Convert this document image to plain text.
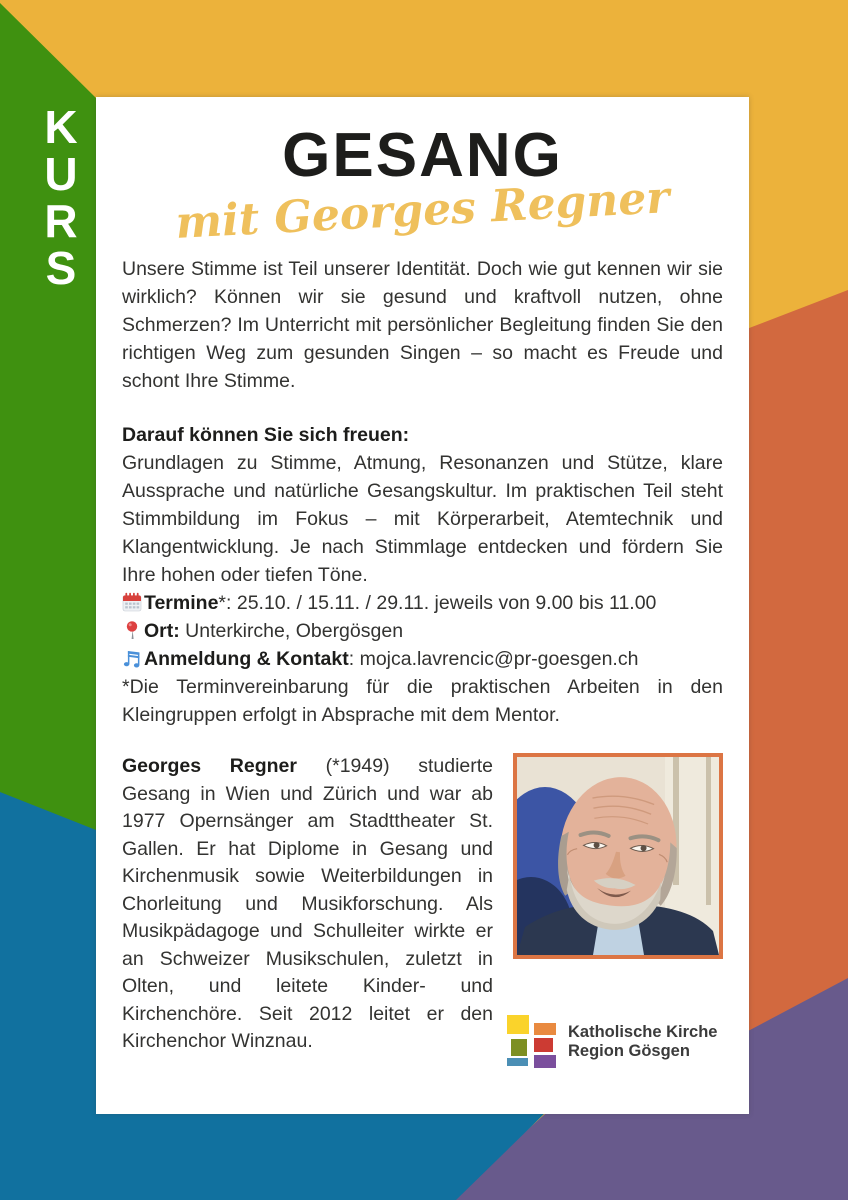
K
U
R
S
GESANG
mit Georges Regner

Unsere Stimme ist Teil unserer Identität. Doch wie gut kennen wir sie wirklich? Können wir sie gesund und kraftvoll nutzen, ohne Schmerzen? Im Unterricht mit persönlicher Begleitung finden Sie den richtigen Weg zum gesunden Singen – so macht es Freude und schont Ihre Stimme.

Darauf können Sie sich freuen:

Grundlagen zu Stimme, Atmung, Resonanzen und Stütze, klare Aussprache und natürliche Gesangskultur. Im praktischen Teil steht Stimmbildung im Fokus – mit Körperarbeit, Atemtechnik und Klangentwicklung. Je nach Stimmlage entdecken und fördern Sie Ihre hohen oder tiefen Töne.

Termine*: 25.10. / 15.11. / 29.11. jeweils von 9.00 bis 11.00
Ort: Unterkirche, Obergösgen
Anmeldung & Kontakt: mojca.lavrencic@pr-goesgen.ch

*Die Terminvereinbarung für die praktischen Arbeiten in den Kleingruppen erfolgt in Absprache mit dem Mentor.

Georges Regner (*1949) studierte Gesang in Wien und Zürich und war ab 1977 Opernsänger am Stadttheater St. Gallen. Er hat Diplome in Gesang und Kirchenmusik sowie Weiterbildungen in Chorleitung und Musikforschung. Als Musikpädagoge und Schulleiter wirkte er an Schweizer Musikschulen, zuletzt in Olten, und leitete Kinder- und Kirchenchöre. Seit 2012 leitet er den Kirchenchor Winznau.	Katholische Kirche
Region Gösgen
